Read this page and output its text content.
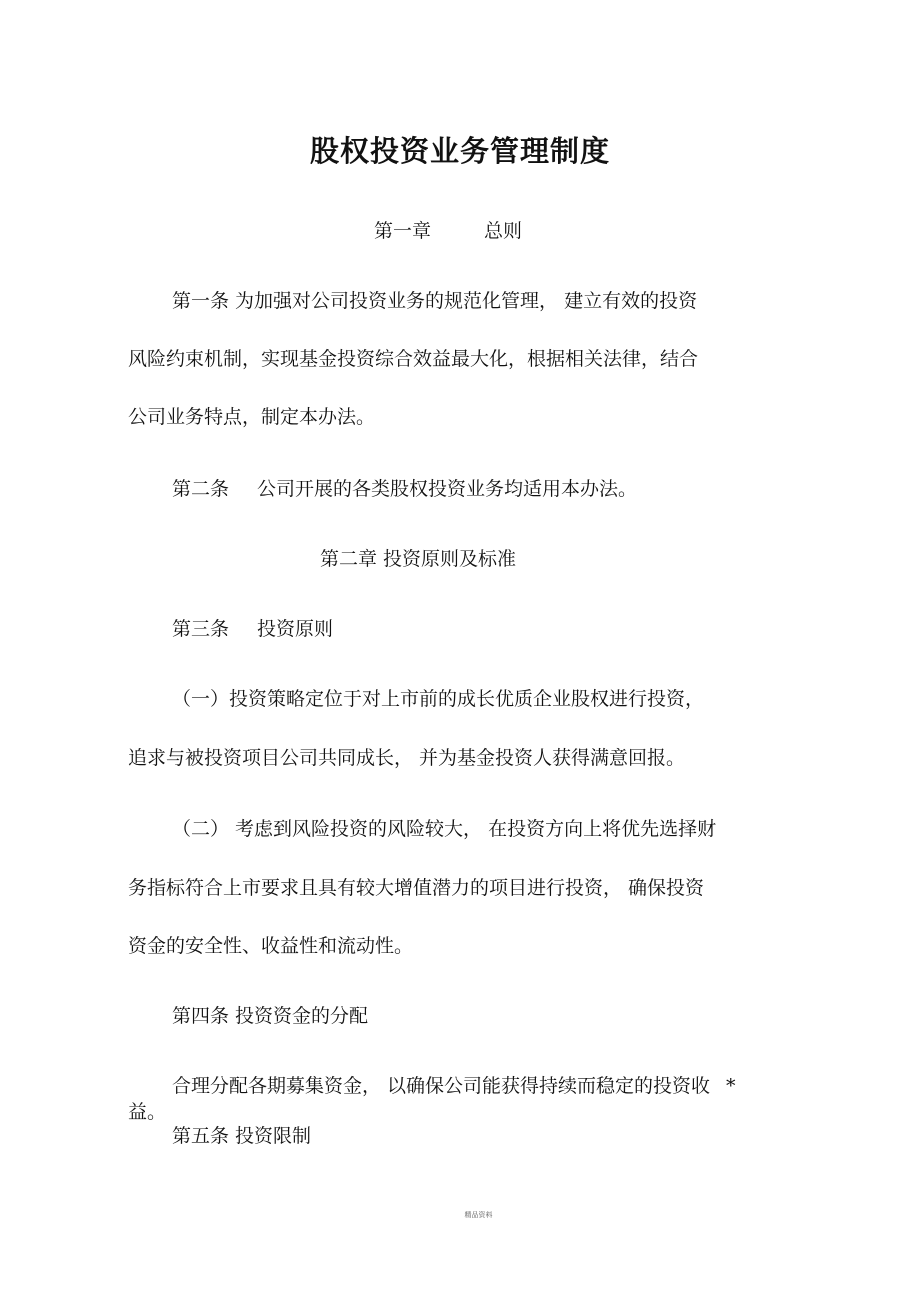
股权投资业务管理制度

第一章	总则

第一条 为加强对公司投资业务的规范化管理， 建立有效的投资

风险约束机制，实现基金投资综合效益最大化，根据相关法律，结合

公司业务特点，制定本办法。

第二条 公司开展的各类股权投资业务均适用本办法。

第二章 投资原则及标准

第三条 投资原则

（一）投资策略定位于对上市前的成长优质企业股权进行投资，

追求与被投资项目公司共同成长， 并为基金投资人获得满意回报。

（二） 考虑到风险投资的风险较大， 在投资方向上将优先选择财

务指标符合上市要求且具有较大增值潜力的项目进行投资， 确保投资

资金的安全性、收益性和流动性。

第四条 投资资金的分配

合理分配各期募集资金， 以确保公司能获得持续而稳定的投资收 *

益。

第五条 投资限制

精品资料
